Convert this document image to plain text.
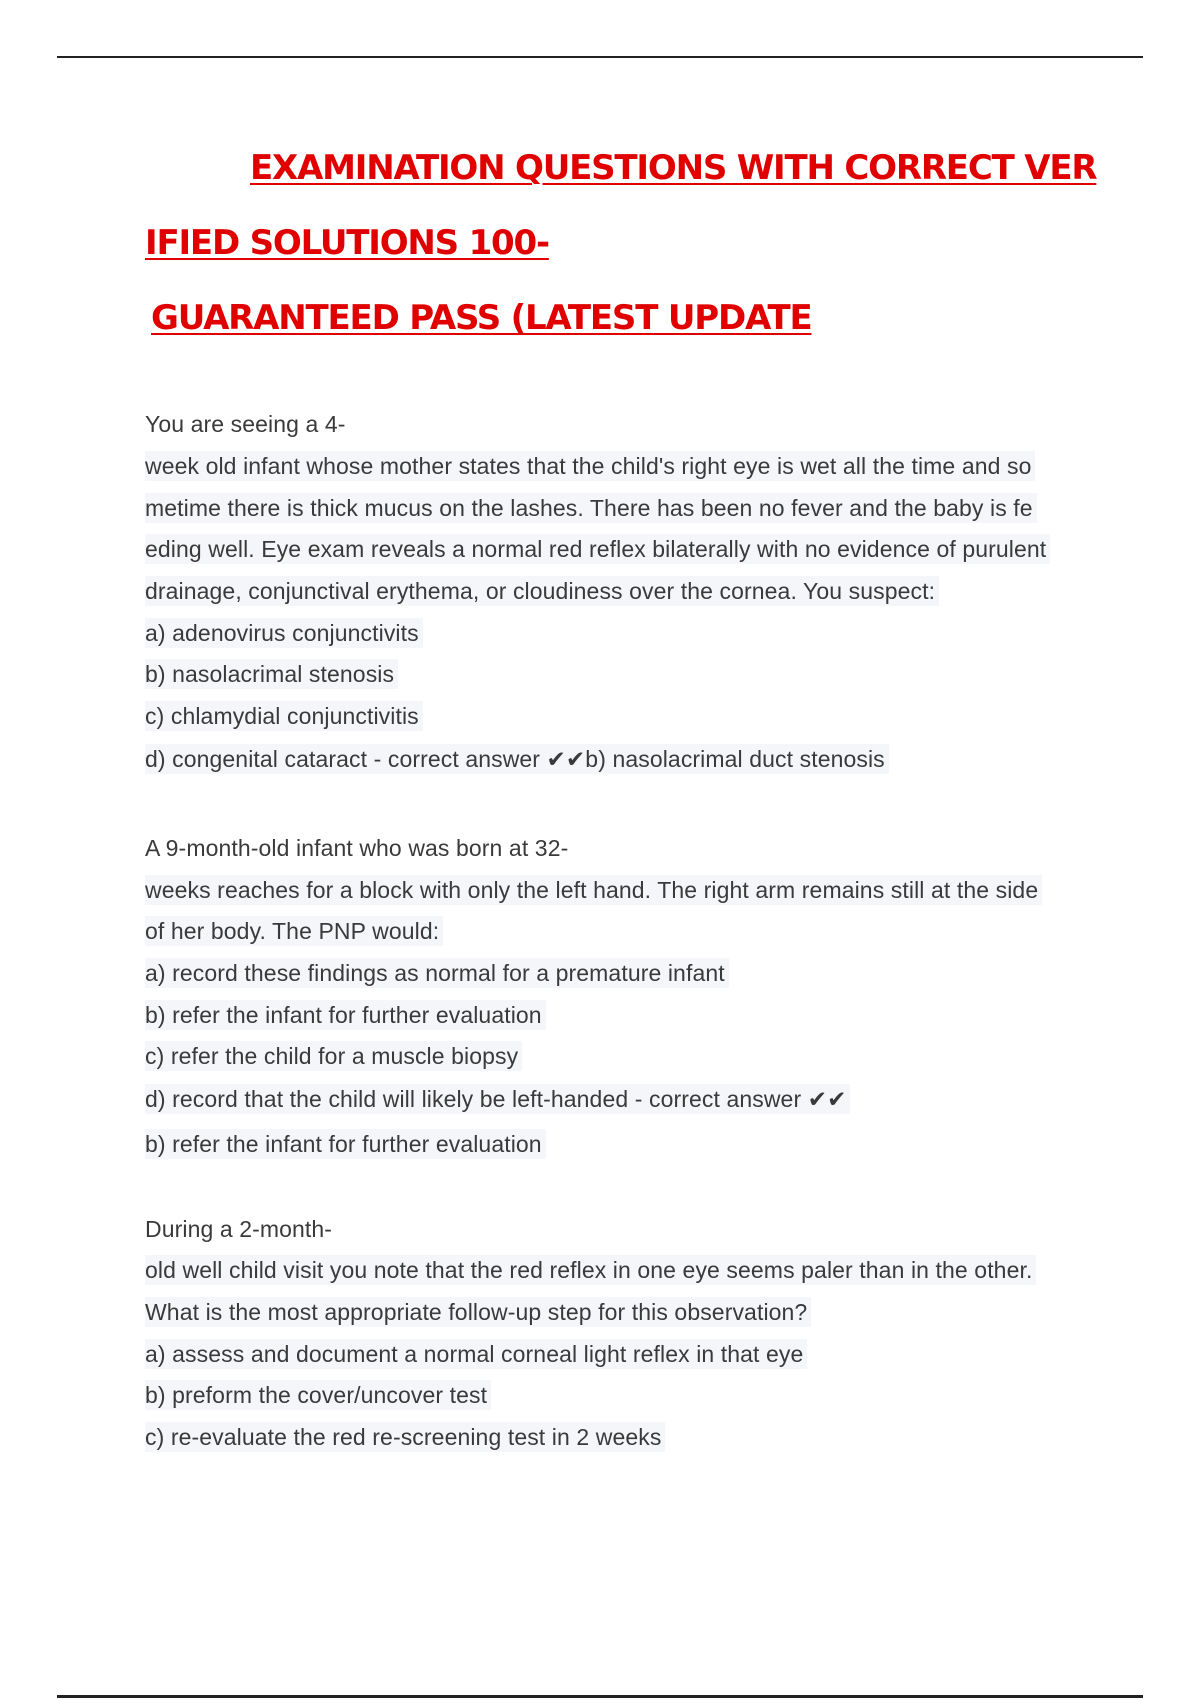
EXAMINATION QUESTIONS WITH CORRECT VER
IFIED SOLUTIONS 100-
GUARANTEED PASS (LATEST UPDATE

You are seeing a 4-

week old infant whose mother states that the child's right eye is wet all the time and so

metime there is thick mucus on the lashes. There has been no fever and the baby is fe

eding well. Eye exam reveals a normal red reflex bilaterally with no evidence of purulent

drainage, conjunctival erythema, or cloudiness over the cornea. You suspect:

a) adenovirus conjunctivits

b) nasolacrimal stenosis

c) chlamydial conjunctivitis

d) congenital cataract - correct answer ✔✔b) nasolacrimal duct stenosis

A 9-month-old infant who was born at 32-

weeks reaches for a block with only the left hand. The right arm remains still at the side

of her body. The PNP would:

a) record these findings as normal for a premature infant

b) refer the infant for further evaluation

c) refer the child for a muscle biopsy

d) record that the child will likely be left-handed - correct answer ✔✔

b) refer the infant for further evaluation

During a 2-month-

old well child visit you note that the red reflex in one eye seems paler than in the other.

What is the most appropriate follow-up step for this observation?

a) assess and document a normal corneal light reflex in that eye

b) preform the cover/uncover test

c) re-evaluate the red re-screening test in 2 weeks
